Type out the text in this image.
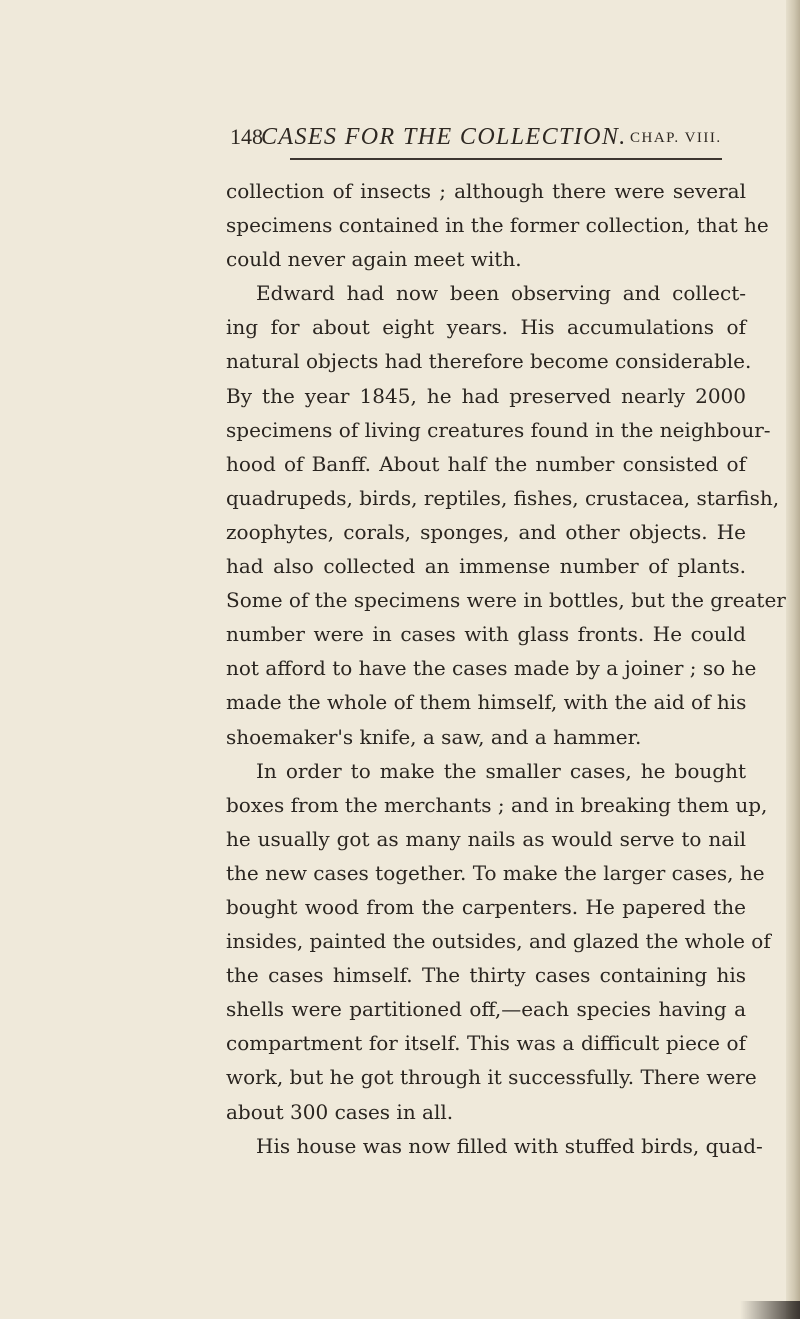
148
CASES FOR THE COLLECTION. CHAP. VIII.
collection of insects ; although there were several
specimens contained in the former collection, that he
could never again meet with.
Edward had now been observing and collect-
ing for about eight years. His accumulations of
natural objects had therefore become considerable.
By the year 1845, he had preserved nearly 2000
specimens of living creatures found in the neighbour-
hood of Banff. About half the number consisted of
quadrupeds, birds, reptiles, fishes, crustacea, starfish,
zoophytes, corals, sponges, and other objects. He
had also collected an immense number of plants.
Some of the specimens were in bottles, but the greater
number were in cases with glass fronts. He could
not afford to have the cases made by a joiner ; so he
made the whole of them himself, with the aid of his
shoemaker's knife, a saw, and a hammer.
In order to make the smaller cases, he bought
boxes from the merchants ; and in breaking them up,
he usually got as many nails as would serve to nail
the new cases together. To make the larger cases, he
bought wood from the carpenters. He papered the
insides, painted the outsides, and glazed the whole of
the cases himself. The thirty cases containing his
shells were partitioned off,—each species having a
compartment for itself. This was a difficult piece of
work, but he got through it successfully. There were
about 300 cases in all.
His house was now filled with stuffed birds, quad-
